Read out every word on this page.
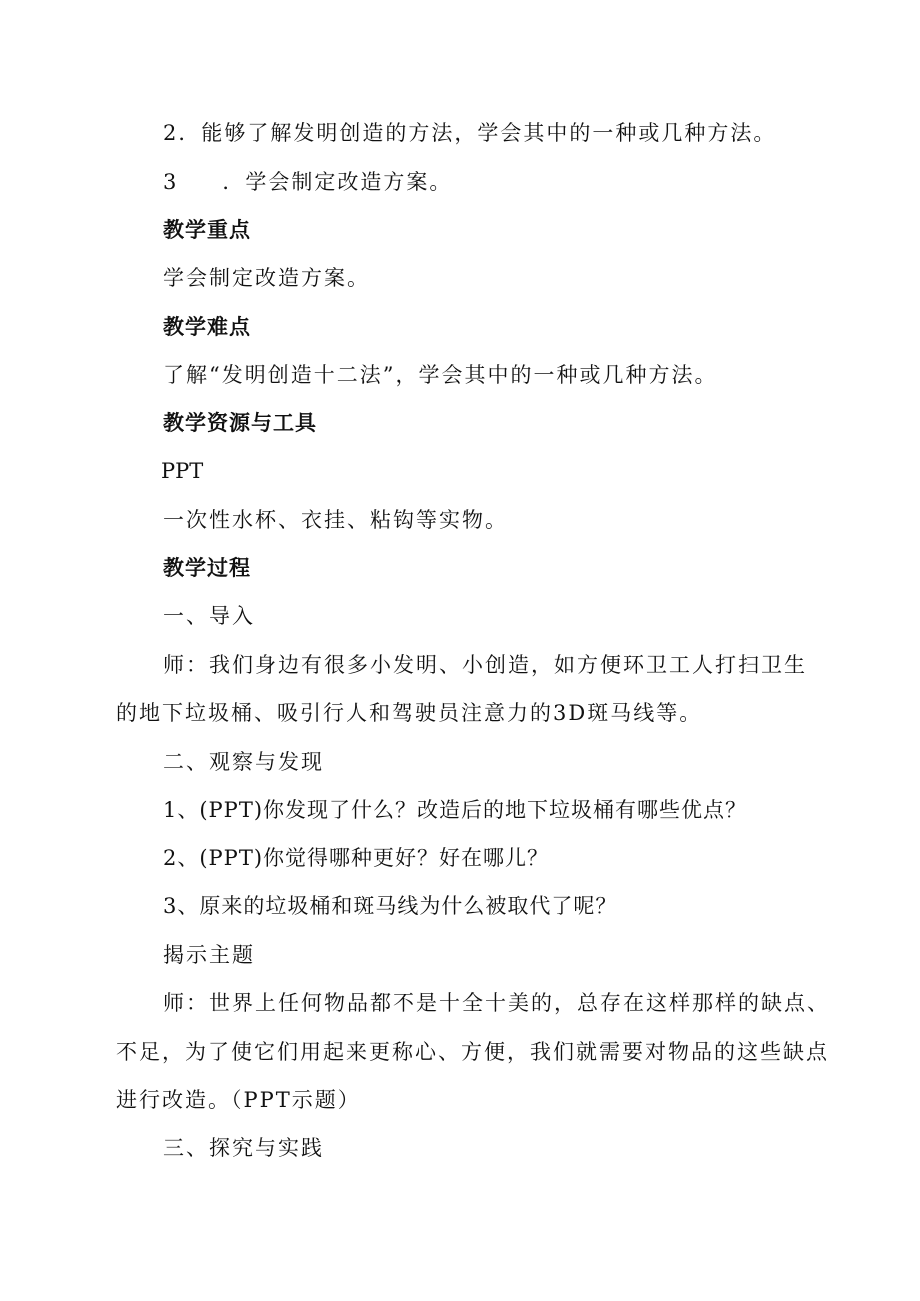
2．能够了解发明创造的方法，学会其中的一种或几种方法。

3 ．学会制定改造方案。

教学重点

学会制定改造方案。

教学难点

了解“发明创造十二法”，学会其中的一种或几种方法。

教学资源与工具

PPT

一次性水杯、衣挂、粘钩等实物。

教学过程

一、导入

师：我们身边有很多小发明、小创造，如方便环卫工人打扫卫生

的地下垃圾桶、吸引行人和驾驶员注意力的3D斑马线等。

二、观察与发现

1、(PPT)你发现了什么？改造后的地下垃圾桶有哪些优点？

2、(PPT)你觉得哪种更好？好在哪儿？

3、原来的垃圾桶和斑马线为什么被取代了呢？

揭示主题

师：世界上任何物品都不是十全十美的，总存在这样那样的缺点、

不足，为了使它们用起来更称心、方便，我们就需要对物品的这些缺点

进行改造。（PPT示题）

三、探究与实践
